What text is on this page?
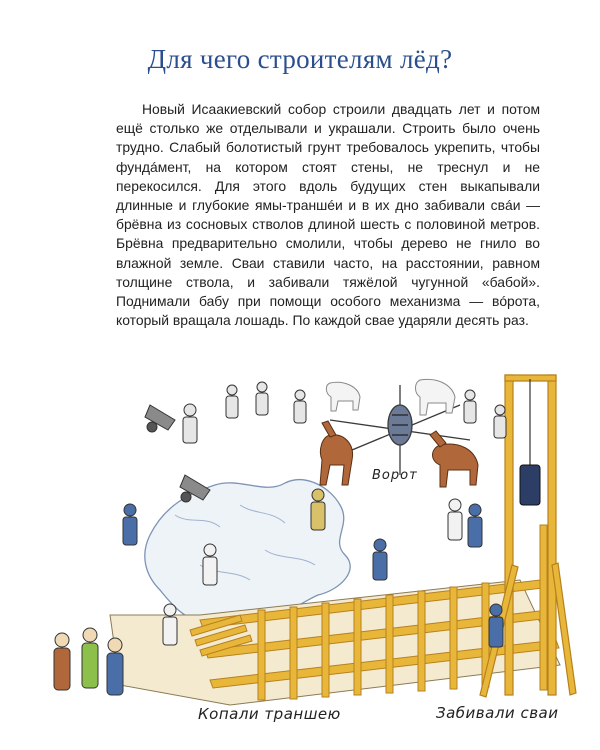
Для чего строителям лёд?
Новый Исаакиевский собор строили двадцать лет и потом ещё столько же отделывали и украшали. Строить было очень трудно. Слабый болотистый грунт требовалось укрепить, чтобы фундáмент, на котором стоят стены, не треснул и не перекосился. Для этого вдоль будущих стен выкапывали длинные и глубокие ямы-траншéи и в их дно забивали свáи — брёвна из сосновых стволов длиной шесть с половиной метров. Брёвна предварительно смолили, чтобы дерево не гнило во влажной земле. Сваи ставили часто, на расстоянии, равном толщине ствола, и забивали тяжёлой чугунной «бабой». Поднимали бабу при помощи особого механизма — вóрота, который вращала лошадь. По каждой свае ударяли десять раз.
Ворот
Копали траншею	Забивали сваи
